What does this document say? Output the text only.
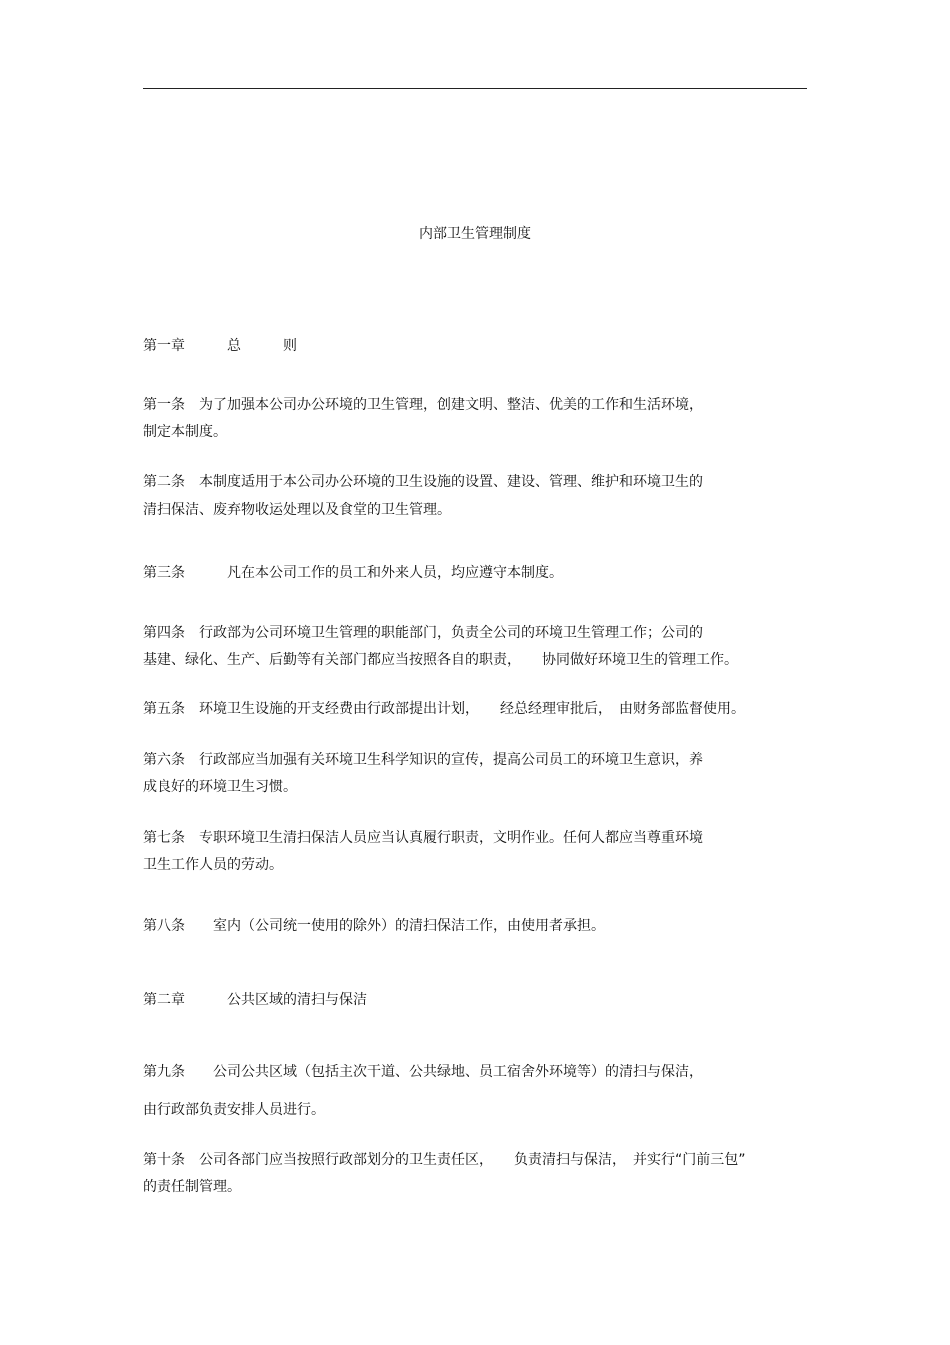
内部卫生管理制度
第一章　　　总　　　则
第一条　为了加强本公司办公环境的卫生管理，创建文明、整洁、优美的工作和生活环境，
制定本制度。
第二条　本制度适用于本公司办公环境的卫生设施的设置、建设、管理、维护和环境卫生的
清扫保洁、废弃物收运处理以及食堂的卫生管理。
第三条　　　凡在本公司工作的员工和外来人员，均应遵守本制度。
第四条　行政部为公司环境卫生管理的职能部门，负责全公司的环境卫生管理工作；公司的
基建、绿化、生产、后勤等有关部门都应当按照各自的职责，　　协同做好环境卫生的管理工作。
第五条　环境卫生设施的开支经费由行政部提出计划，　　经总经理审批后，　由财务部监督使用。
第六条　行政部应当加强有关环境卫生科学知识的宣传，提高公司员工的环境卫生意识，养
成良好的环境卫生习惯。
第七条　专职环境卫生清扫保洁人员应当认真履行职责，文明作业。任何人都应当尊重环境
卫生工作人员的劳动。
第八条　　室内（公司统一使用的除外）的清扫保洁工作，由使用者承担。
第二章　　　公共区域的清扫与保洁
第九条　　公司公共区域（包括主次干道、公共绿地、员工宿舍外环境等）的清扫与保洁，
由行政部负责安排人员进行。
第十条　公司各部门应当按照行政部划分的卫生责任区，　　负责清扫与保洁，　并实行“门前三包”
的责任制管理。
